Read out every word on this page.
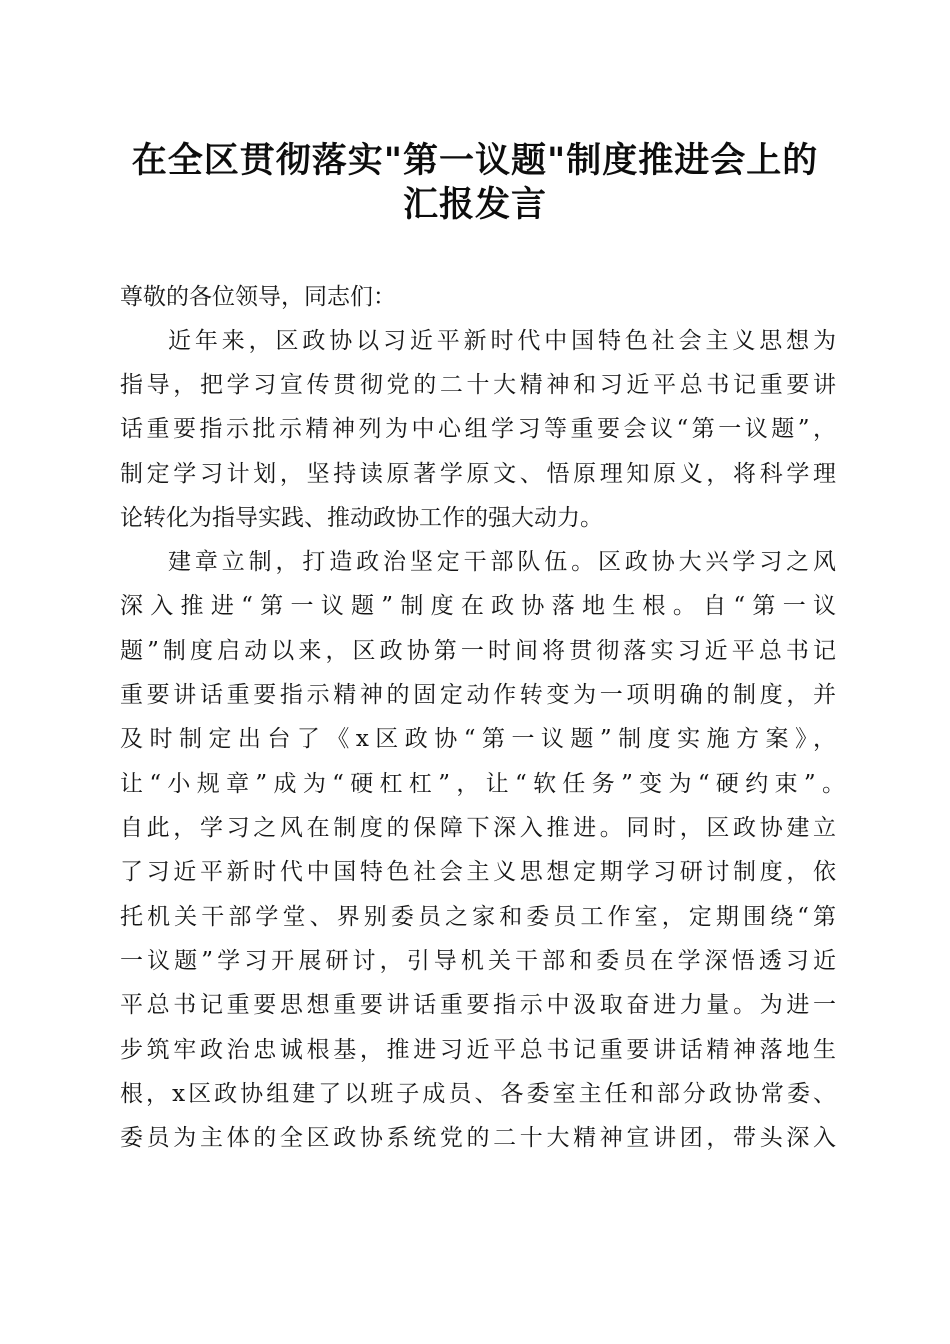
在全区贯彻落实"第一议题"制度推进会上的
汇报发言
尊敬的各位领导，同志们：
近年来，区政协以习近平新时代中国特色社会主义思想为
指导，把学习宣传贯彻党的二十大精神和习近平总书记重要讲
话重要指示批示精神列为中心组学习等重要会议“第一议题”，
制定学习计划，坚持读原著学原文、悟原理知原义，将科学理
论转化为指导实践、推动政协工作的强大动力。
建章立制，打造政治坚定干部队伍。区政协大兴学习之风
深入推进“第一议题”制度在政协落地生根。自“第一议
题”制度启动以来，区政协第一时间将贯彻落实习近平总书记
重要讲话重要指示精神的固定动作转变为一项明确的制度，并
及时制定出台了《x区政协“第一议题”制度实施方案》，
让“小规章”成为“硬杠杠”，让“软任务”变为“硬约束”。
自此，学习之风在制度的保障下深入推进。同时，区政协建立
了习近平新时代中国特色社会主义思想定期学习研讨制度，依
托机关干部学堂、界别委员之家和委员工作室，定期围绕“第
一议题”学习开展研讨，引导机关干部和委员在学深悟透习近
平总书记重要思想重要讲话重要指示中汲取奋进力量。为进一
步筑牢政治忠诚根基，推进习近平总书记重要讲话精神落地生
根，x区政协组建了以班子成员、各委室主任和部分政协常委、
委员为主体的全区政协系统党的二十大精神宣讲团，带头深入
